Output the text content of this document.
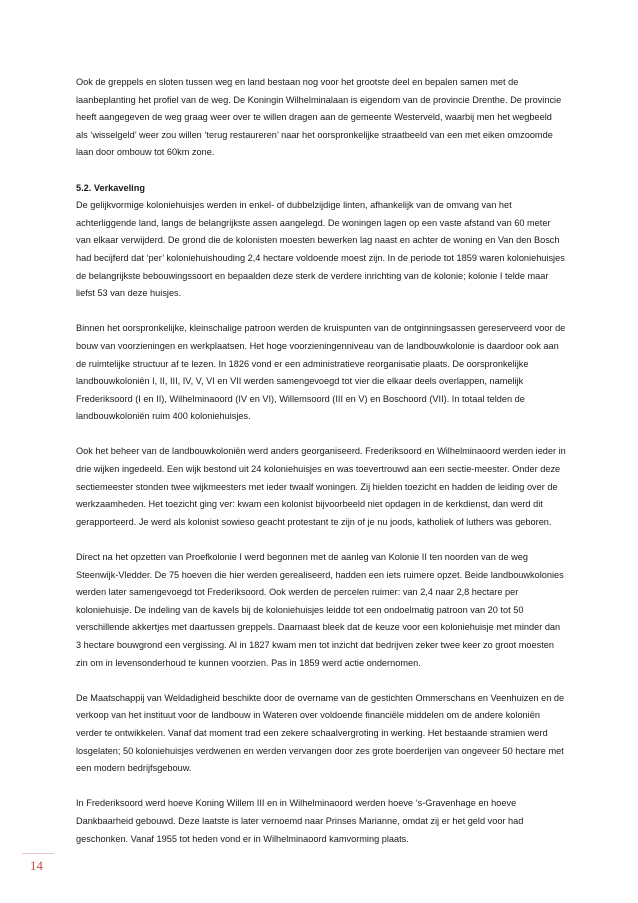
Ook de greppels en sloten tussen weg en land bestaan nog voor het grootste deel en bepalen samen met de laanbeplanting het profiel van de weg. De Koningin Wilhelminalaan is eigendom van de provincie Drenthe. De provincie heeft aangegeven de weg graag weer over te willen dragen aan de gemeente Westerveld, waarbij men het wegbeeld als ‘wisselgeld’ weer zou willen ‘terug restaureren’ naar het oorspronkelijke straatbeeld van een met eiken omzoomde laan door ombouw tot 60km zone.

5.2. Verkaveling

De gelijkvormige koloniehuisjes werden in enkel- of dubbelzijdige linten, afhankelijk van de omvang van het achterliggende land, langs de belangrijkste assen aangelegd. De woningen lagen op een vaste afstand van 60 meter van elkaar verwijderd. De grond die de kolonisten moesten bewerken lag naast en achter de woning en Van den Bosch had becijferd dat ‘per’ koloniehuishouding 2,4 hectare voldoende moest zijn. In de periode tot 1859 waren koloniehuisjes de belangrijkste bebouwingssoort en bepaalden deze sterk de verdere inrichting van de kolonie; kolonie I telde maar liefst 53 van deze huisjes.

Binnen het oorspronkelijke, kleinschalige patroon werden de kruispunten van de ontginningsassen gereserveerd voor de bouw van voorzieningen en werkplaatsen. Het hoge voorzieningenniveau van de landbouwkolonie is daardoor ook aan de ruimtelijke structuur af te lezen. In 1826 vond er een administratieve reorganisatie plaats. De oorspronkelijke landbouwkoloniën I, II, III, IV, V, VI en VII werden samengevoegd tot vier die elkaar deels overlappen, namelijk Frederiksoord (I en II), Wilhelminaoord (IV en VI), Willemsoord (III en V) en Boschoord (VII). In totaal telden de landbouwkoloniën ruim 400 koloniehuisjes.

Ook het beheer van de landbouwkoloniën werd anders georganiseerd. Frederiksoord en Wilhelminaoord werden ieder in drie wijken ingedeeld. Een wijk bestond uit 24 koloniehuisjes en was toevertrouwd aan een sectie-meester. Onder deze sectiemeester stonden twee wijkmeesters met ieder twaalf woningen. Zij hielden toezicht en hadden de leiding over de werkzaamheden. Het toezicht ging ver: kwam een kolonist bijvoorbeeld niet opdagen in de kerkdienst, dan werd dit gerapporteerd. Je werd als kolonist sowieso geacht protestant te zijn of je nu joods, katholiek of luthers was geboren.

Direct na het opzetten van Proefkolonie I werd begonnen met de aanleg van Kolonie II ten noorden van de weg Steenwijk-Vledder. De 75 hoeven die hier werden gerealiseerd, hadden een iets ruimere opzet. Beide landbouwkolonies werden later samengevoegd tot Frederiksoord. Ook werden de percelen ruimer: van 2,4 naar 2,8 hectare per koloniehuisje. De indeling van de kavels bij de koloniehuisjes leidde tot een ondoelmatig patroon van 20 tot 50 verschillende akkertjes met daartussen greppels. Daarnaast bleek dat de keuze voor een koloniehuisje met minder dan 3 hectare bouwgrond een vergissing. Al in 1827 kwam men tot inzicht dat bedrijven zeker twee keer zo groot moesten zin om in levensonderhoud te kunnen voorzien. Pas in 1859 werd actie ondernomen.

De Maatschappij van Weldadigheid beschikte door de overname van de gestichten Ommerschans en Veenhuizen en de verkoop van het instituut voor de landbouw in Wateren over voldoende financiële middelen om de andere koloniën verder te ontwikkelen. Vanaf dat moment trad een zekere schaalvergroting in werking. Het bestaande stramien werd losgelaten; 50 koloniehuisjes verdwenen en werden vervangen door zes grote boerderijen van ongeveer 50 hectare met een modern bedrijfsgebouw.

In Frederiksoord werd hoeve Koning Willem III en in Wilhelminaoord werden hoeve ‘s-Gravenhage en hoeve Dankbaarheid gebouwd. Deze laatste is later vernoemd naar Prinses Marianne, omdat zij er het geld voor had geschonken. Vanaf 1955 tot heden vond er in Wilhelminaoord kamvorming plaats.

14
